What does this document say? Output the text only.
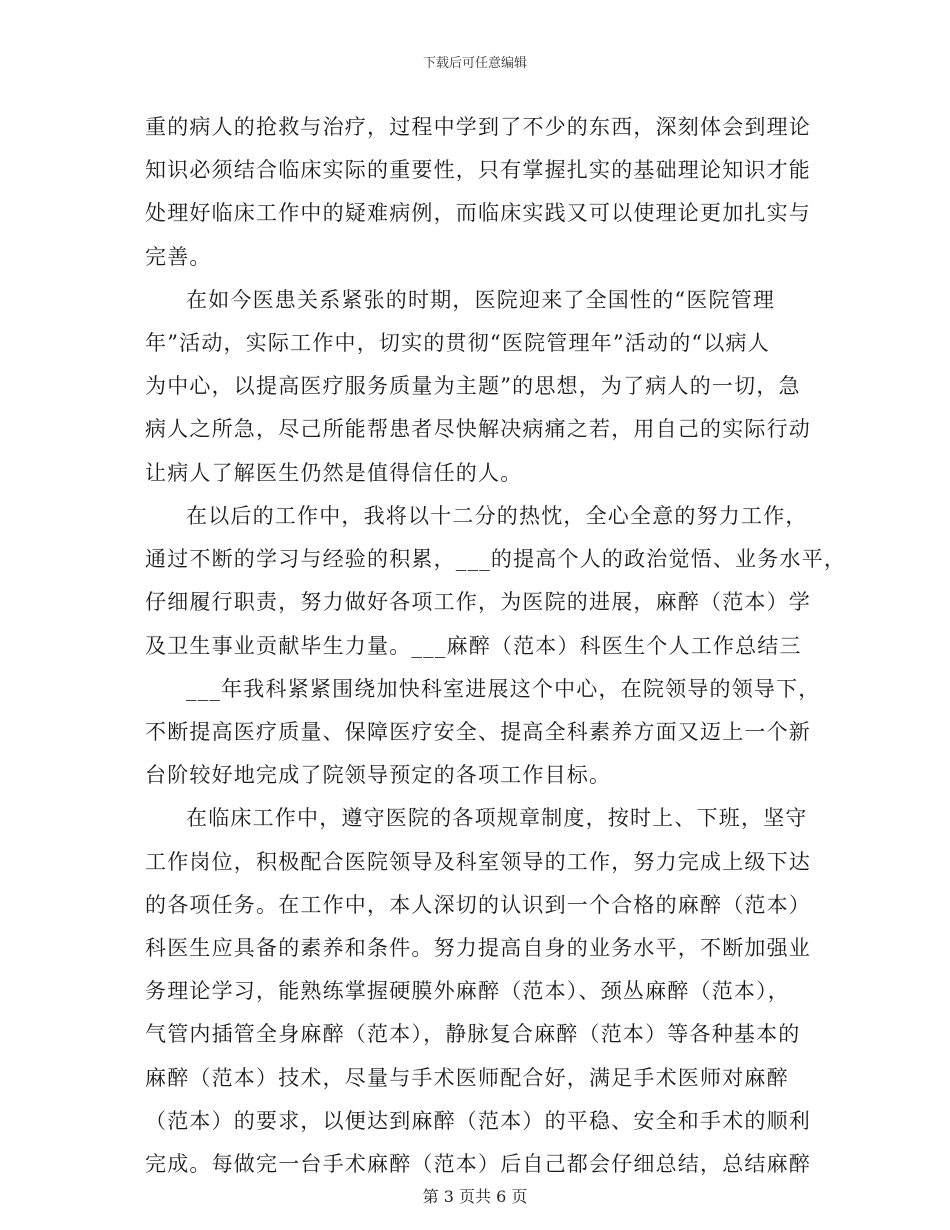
下载后可任意编辑
重的病人的抢救与治疗，过程中学到了不少的东西，深刻体会到理论
知识必须结合临床实际的重要性，只有掌握扎实的基础理论知识才能
处理好临床工作中的疑难病例，而临床实践又可以使理论更加扎实与
完善。
在如今医患关系紧张的时期，医院迎来了全国性的“医院管理
年”活动，实际工作中，切实的贯彻“医院管理年”活动的“以病人
为中心，以提高医疗服务质量为主题”的思想，为了病人的一切，急
病人之所急，尽己所能帮患者尽快解决病痛之若，用自己的实际行动
让病人了解医生仍然是值得信任的人。
在以后的工作中，我将以十二分的热忱，全心全意的努力工作，
通过不断的学习与经验的积累，___的提高个人的政治觉悟、业务水平，
仔细履行职责，努力做好各项工作，为医院的进展，麻醉（范本）学
及卫生事业贡献毕生力量。___麻醉（范本）科医生个人工作总结三
___年我科紧紧围绕加快科室进展这个中心，在院领导的领导下，
不断提高医疗质量、保障医疗安全、提高全科素养方面又迈上一个新
台阶较好地完成了院领导预定的各项工作目标。
在临床工作中，遵守医院的各项规章制度，按时上、下班，坚守
工作岗位，积极配合医院领导及科室领导的工作，努力完成上级下达
的各项任务。在工作中，本人深切的认识到一个合格的麻醉（范本）
科医生应具备的素养和条件。努力提高自身的业务水平，不断加强业
务理论学习，能熟练掌握硬膜外麻醉（范本）、颈丛麻醉（范本），
气管内插管全身麻醉（范本），静脉复合麻醉（范本）等各种基本的
麻醉（范本）技术，尽量与手术医师配合好，满足手术医师对麻醉
（范本）的要求，以便达到麻醉（范本）的平稳、安全和手术的顺利
完成。每做完一台手术麻醉（范本）后自己都会仔细总结，总结麻醉
第 3 页共 6 页
